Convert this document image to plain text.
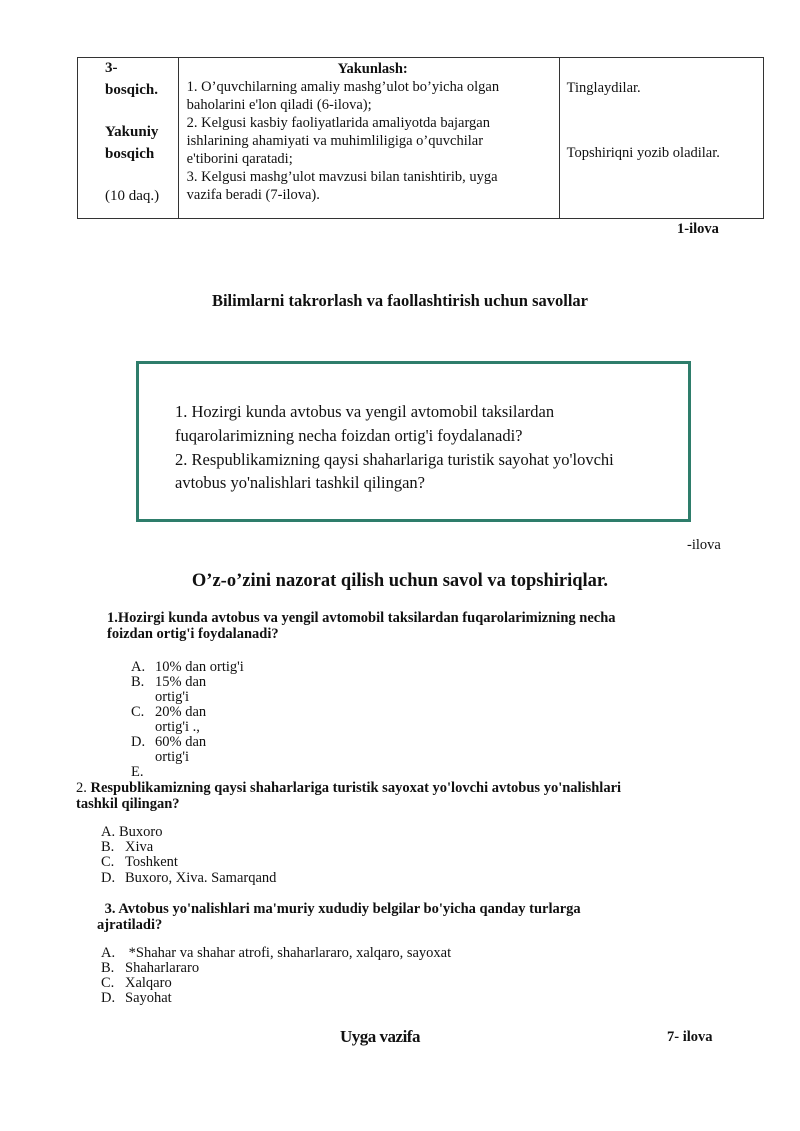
3-
bosqich.
Yakuniy
bosqich
(10 daq.)

Yakunlash:
1. O’quvchilarning amaliy mashg’ulot bo’yicha olgan
baholarini e'lon qiladi (6-ilova);
2. Kelgusi kasbiy faoliyatlarida amaliyotda bajargan
ishlarining ahamiyati va muhimliligiga o’quvchilar
e'tiborini qaratadi;
3. Kelgusi mashg’ulot mavzusi bilan tanishtirib, uyga
vazifa beradi (7-ilova).

Tinglaydilar.
Topshiriqni yozib oladilar.
1-ilova
Bilimlarni takrorlash va faollashtirish uchun savollar
1. Hozirgi kunda avtobus va yengil avtomobil taksilardan
fuqarolarimizning necha foizdan ortig'i foydalanadi?
2. Respublikamizning qaysi shaharlariga turistik sayohat yo'lovchi
avtobus yo'nalishlari tashkil qilingan?
-ilova
O’z-o’zini nazorat qilish uchun savol va topshiriqlar.
1.Hozirgi kunda avtobus va yengil avtomobil taksilardan fuqarolarimizning necha
foizdan ortig'i foydalanadi?
A. 10% dan ortig'i
B. 15% dan
ortig'i
C. 20% dan
ortig'i .,
D. 60% dan
ortig'i
E.
2. Respublikamizning qaysi shaharlariga turistik sayoxat yo'lovchi avtobus yo'nalishlari
tashkil qilingan?
A. Buxoro
B. Xiva
C. Toshkent
D. Buxoro, Xiva. Samarqand
3. Avtobus yo'nalishlari ma'muriy xududiy belgilar bo'yicha qanday turlarga
ajratiladi?
A. *Shahar va shahar atrofi, shaharlararo, xalqaro, sayoxat
B. Shaharlararo
C. Xalqaro
D. Sayohat
Uyga vazifa	7- ilova
